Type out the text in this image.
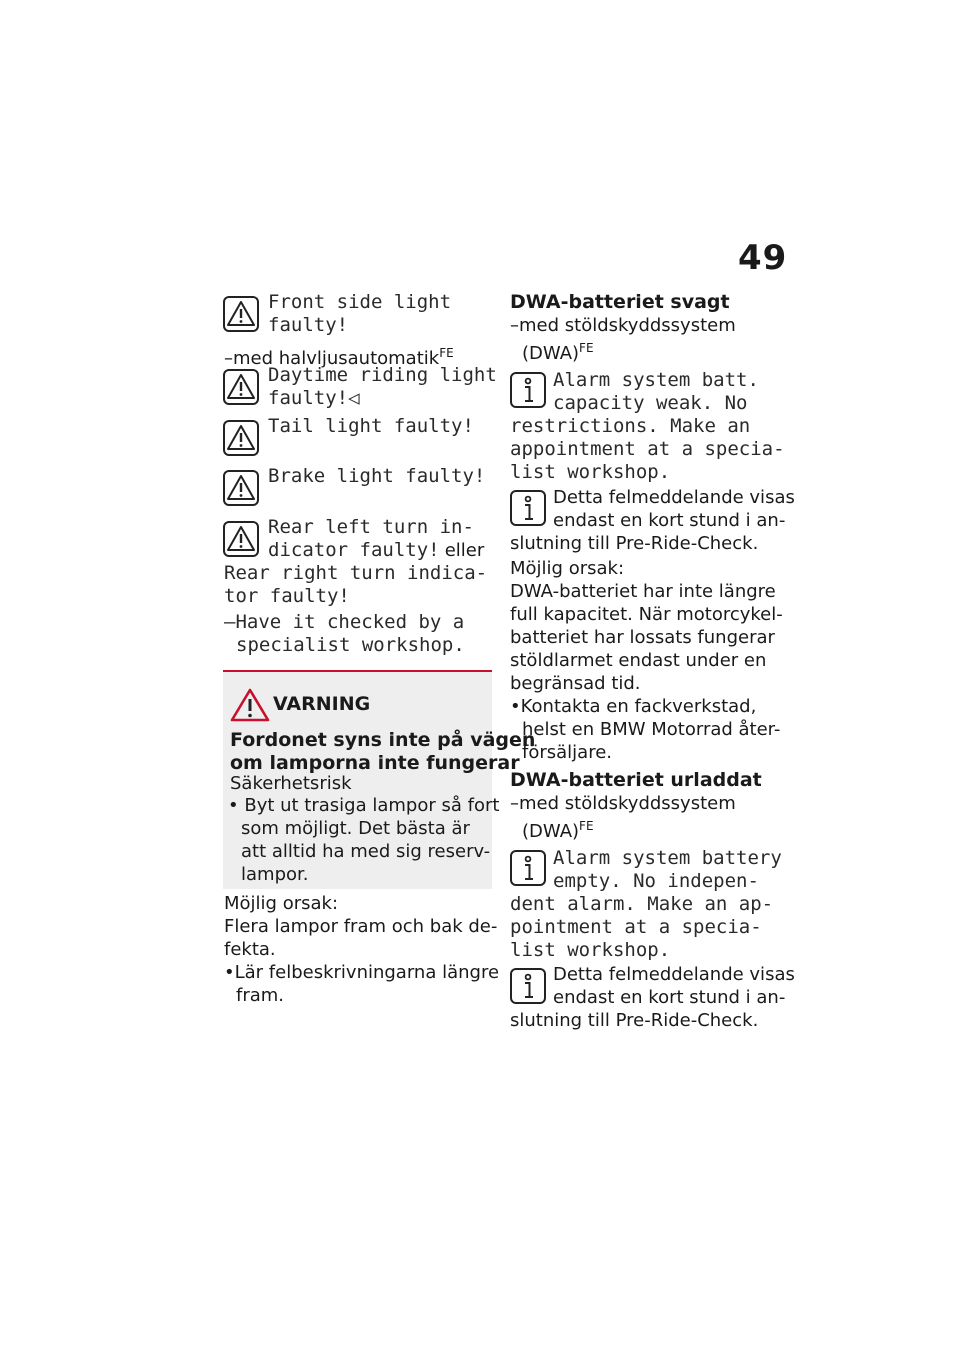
49
Front side light
faulty!
–med halvljusautomatik$^{FE}$
Daytime riding light
faulty!◁
Tail light faulty!
Brake light faulty!
Rear left turn in-
dicator faulty! eller
Rear right turn indica-
tor faulty!
–Have it checked by a
specialist workshop.
VARNING
Fordonet syns inte på vägen
om lamporna inte fungerar
Säkerhetsrisk
• Byt ut trasiga lampor så fort
som möjligt. Det bästa är
att alltid ha med sig reserv-
lampor.
Möjlig orsak:
Flera lampor fram och bak de-
fekta.
•Lär felbeskrivningarna längre
fram.
DWA-batteriet svagt
–med stöldskyddssystem
(DWA)$^{FE}$
Alarm system batt.
capacity weak. No
restrictions. Make an
appointment at a specia-
list workshop.
Detta felmeddelande visas
endast en kort stund i an-
slutning till Pre-Ride-Check.
Möjlig orsak:
DWA-batteriet har inte längre
full kapacitet. När motorcykel-
batteriet har lossats fungerar
stöldlarmet endast under en
begränsad tid.
•Kontakta en fackverkstad,
helst en BMW Motorrad åter-
försäljare.
DWA-batteriet urladdat
–med stöldskyddssystem
(DWA)$^{FE}$
Alarm system battery
empty. No indepen-
dent alarm. Make an ap-
pointment at a specia-
list workshop.
Detta felmeddelande visas
endast en kort stund i an-
slutning till Pre-Ride-Check.
